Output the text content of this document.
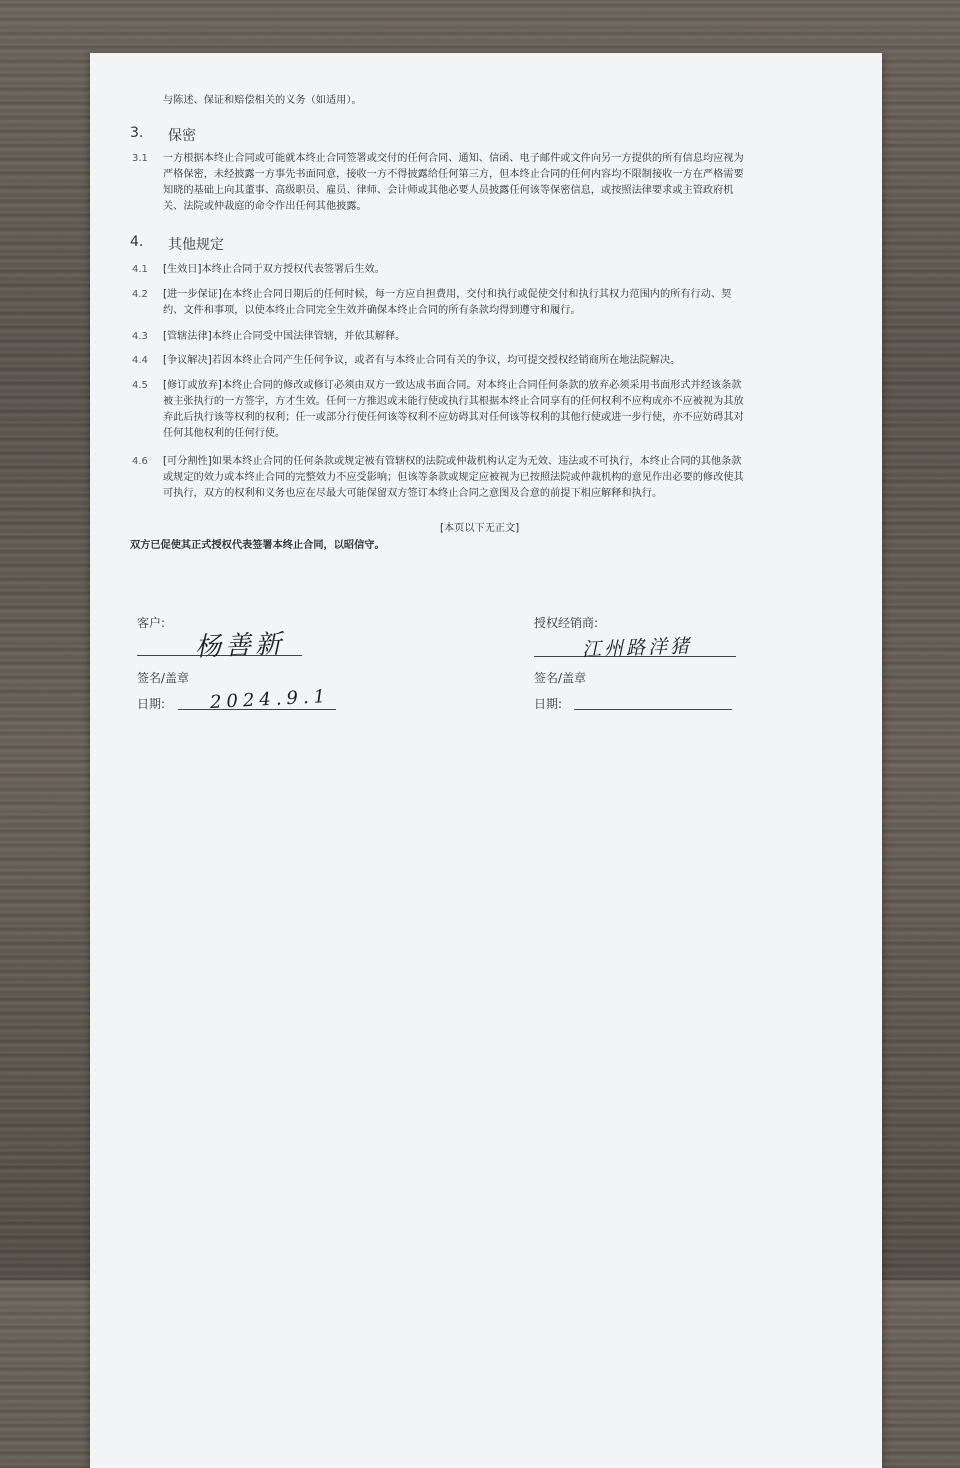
与陈述、保证和赔偿相关的义务（如适用）。
3. 保密
3.1 一方根据本终止合同或可能就本终止合同签署或交付的任何合同、通知、信函、电子邮件或文件向另一方提供的所有信息均应视为
严格保密，未经披露一方事先书面同意，接收一方不得披露给任何第三方，但本终止合同的任何内容均不限制接收一方在严格需要
知晓的基础上向其董事、高级职员、雇员、律师、会计师或其他必要人员披露任何该等保密信息，或按照法律要求或主管政府机
关、法院或仲裁庭的命令作出任何其他披露。
4. 其他规定
4.1 [生效日]本终止合同于双方授权代表签署后生效。
4.2 [进一步保证]在本终止合同日期后的任何时候，每一方应自担费用，交付和执行或促使交付和执行其权力范围内的所有行动、契
约、文件和事项，以使本终止合同完全生效并确保本终止合同的所有条款均得到遵守和履行。
4.3 [管辖法律]本终止合同受中国法律管辖，并依其解释。
4.4 [争议解决]若因本终止合同产生任何争议，或者有与本终止合同有关的争议，均可提交授权经销商所在地法院解决。
4.5 [修订或放弃]本终止合同的修改或修订必须由双方一致达成书面合同。对本终止合同任何条款的放弃必须采用书面形式并经该条款
被主张执行的一方签字，方才生效。任何一方推迟或未能行使或执行其根据本终止合同享有的任何权利不应构成亦不应被视为其放
弃此后执行该等权利的权利；任一或部分行使任何该等权利不应妨碍其对任何该等权利的其他行使或进一步行使，亦不应妨碍其对
任何其他权利的任何行使。
4.6 [可分割性]如果本终止合同的任何条款或规定被有管辖权的法院或仲裁机构认定为无效、违法或不可执行，本终止合同的其他条款
或规定的效力或本终止合同的完整效力不应受影响；但该等条款或规定应被视为已按照法院或仲裁机构的意见作出必要的修改使其
可执行，双方的权利和义务也应在尽最大可能保留双方签订本终止合同之意图及合意的前提下相应解释和执行。
[本页以下无正文]
双方已促使其正式授权代表签署本终止合同，以昭信守。
客户:
杨善新
签名/盖章
日期: 2024.9.1
授权经销商:
江州路洋猪
签名/盖章
日期:
